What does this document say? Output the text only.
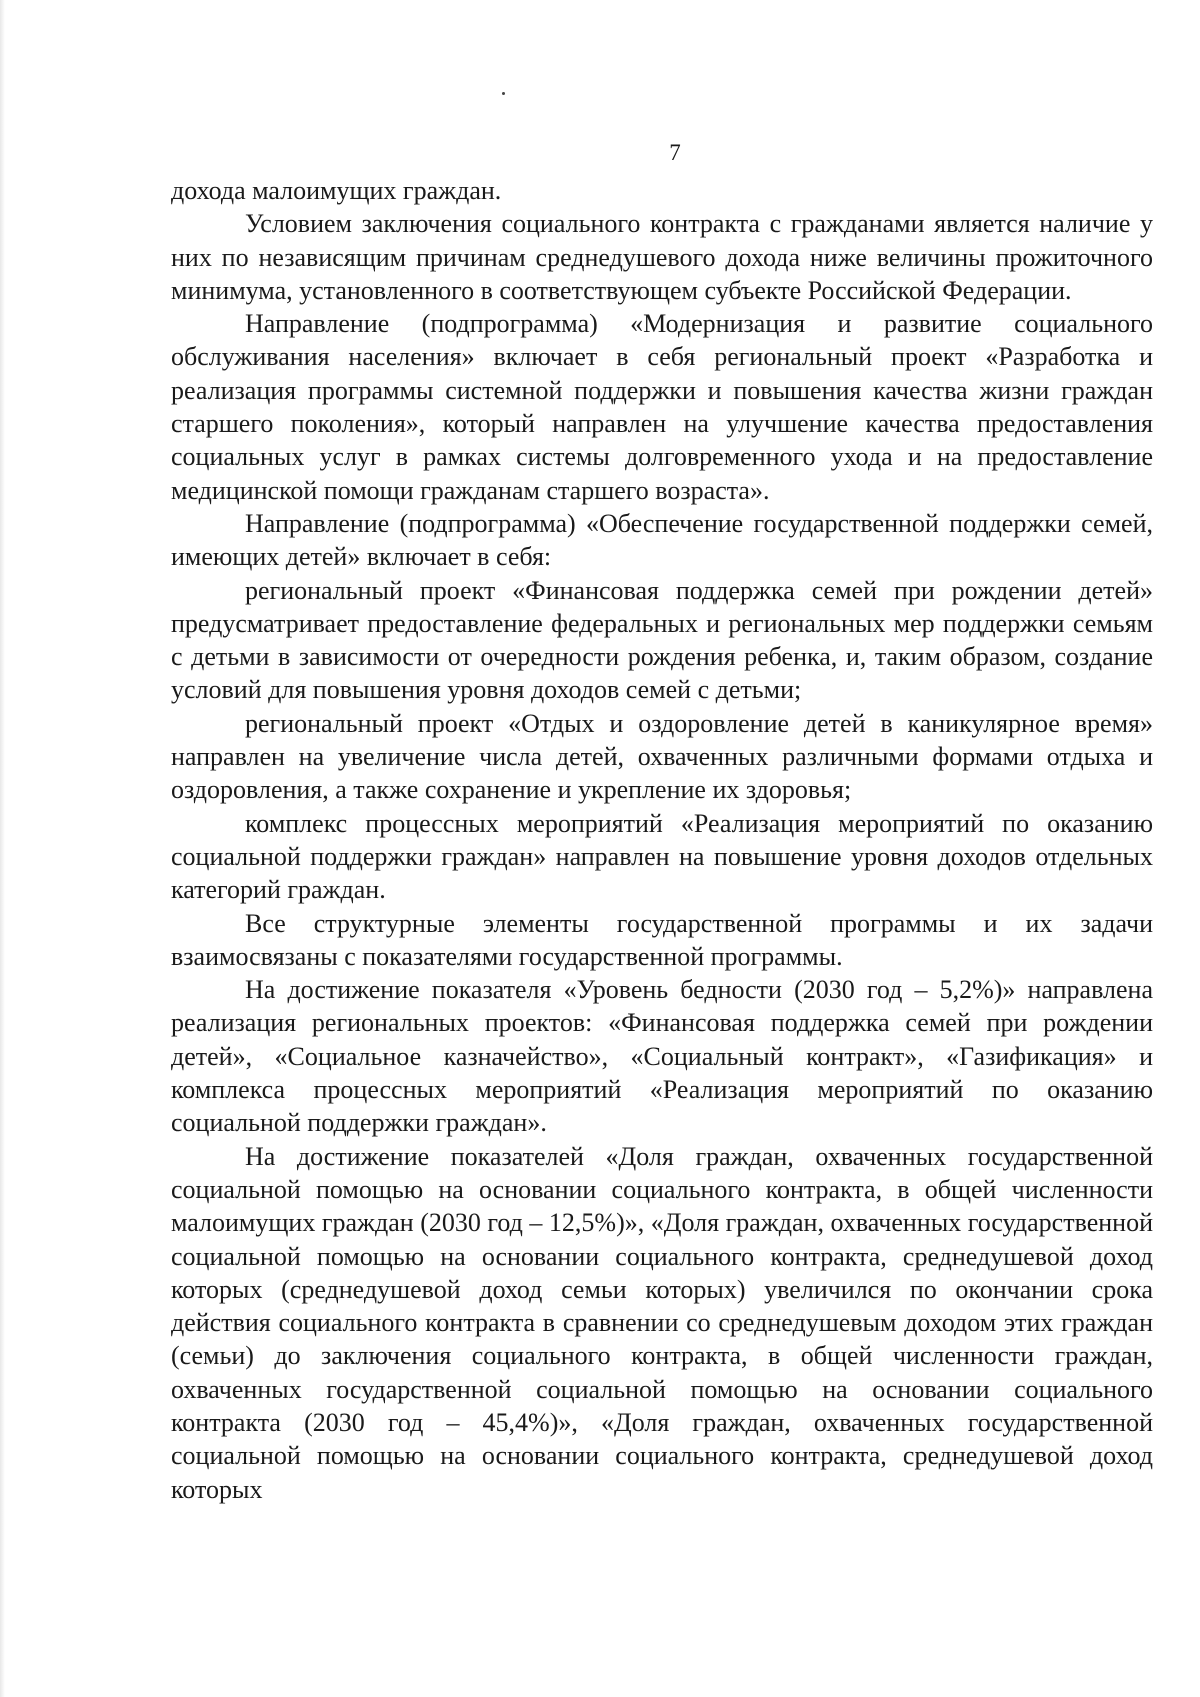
7

дохода малоимущих граждан.

Условием заключения социального контракта с гражданами является наличие у них по независящим причинам среднедушевого дохода ниже величины прожиточного минимума, установленного в соответствующем субъекте Российской Федерации.

Направление (подпрограмма) «Модернизация и развитие социального обслуживания населения» включает в себя региональный проект «Разработка и реализация программы системной поддержки и повышения качества жизни граждан старшего поколения», который направлен на улучшение качества предоставления социальных услуг в рамках системы долговременного ухода и на предоставление медицинской помощи гражданам старшего возраста».

Направление (подпрограмма) «Обеспечение государственной поддержки семей, имеющих детей» включает в себя:

региональный проект «Финансовая поддержка семей при рождении детей» предусматривает предоставление федеральных и региональных мер поддержки семьям с детьми в зависимости от очередности рождения ребенка, и, таким образом, создание условий для повышения уровня доходов семей с детьми;

региональный проект «Отдых и оздоровление детей в каникулярное время» направлен на увеличение числа детей, охваченных различными формами отдыха и оздоровления, а также сохранение и укрепление их здоровья;

комплекс процессных мероприятий «Реализация мероприятий по оказанию социальной поддержки граждан» направлен на повышение уровня доходов отдельных категорий граждан.

Все структурные элементы государственной программы и их задачи взаимосвязаны с показателями государственной программы.

На достижение показателя «Уровень бедности (2030 год – 5,2%)» направлена реализация региональных проектов: «Финансовая поддержка семей при рождении детей», «Социальное казначейство», «Социальный контракт», «Газификация» и комплекса процессных мероприятий «Реализация мероприятий по оказанию социальной поддержки граждан».

На достижение показателей «Доля граждан, охваченных государственной социальной помощью на основании социального контракта, в общей численности малоимущих граждан (2030 год – 12,5%)», «Доля граждан, охваченных государственной социальной помощью на основании социального контракта, среднедушевой доход которых (среднедушевой доход семьи которых) увеличился по окончании срока действия социального контракта в сравнении со среднедушевым доходом этих граждан (семьи) до заключения социального контракта, в общей численности граждан, охваченных государственной социальной помощью на основании социального контракта (2030 год – 45,4%)», «Доля граждан, охваченных государственной социальной помощью на основании социального контракта, среднедушевой доход которых
